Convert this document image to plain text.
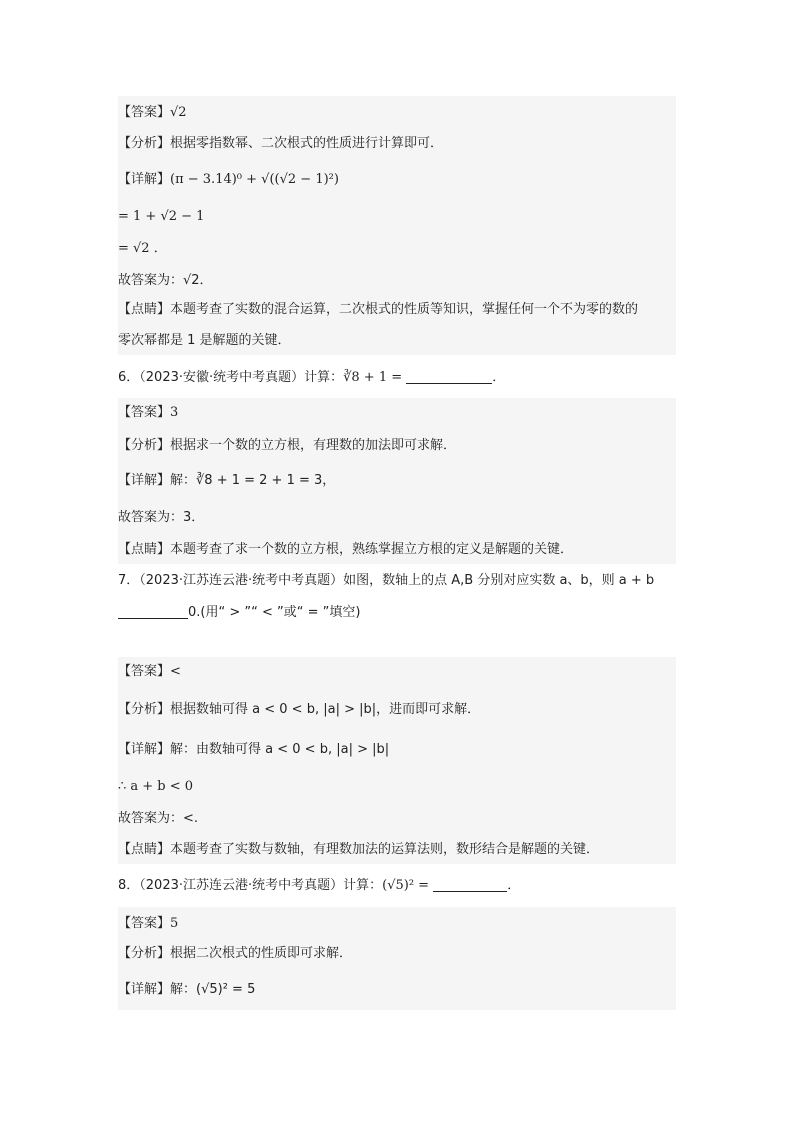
【答案】√2
【分析】根据零指数幂、二次根式的性质进行计算即可．
【详解】(π − 3.14)⁰ + √((√2 − 1)²)
= 1 + √2 − 1
= √2 ．
故答案为：√2．
【点睛】本题考查了实数的混合运算，二次根式的性质等知识，掌握任何一个不为零的数的
零次幂都是 1 是解题的关键．
6．（2023·安徽·统考中考真题）计算：∛8 + 1 =	．
【答案】3
【分析】根据求一个数的立方根，有理数的加法即可求解．
【详解】解：∛8 + 1 = 2 + 1 = 3，
故答案为：3．
【点睛】本题考查了求一个数的立方根，熟练掌握立方根的定义是解题的关键．
7．（2023·江苏连云港·统考中考真题）如图，数轴上的点 A,B 分别对应实数 a、b，则 a + b
0.(用“ > ”“ < ”或“ = ”填空)
【答案】<
【分析】根据数轴可得 a < 0 < b, |a| > |b|，进而即可求解．
【详解】解：由数轴可得 a < 0 < b, |a| > |b|
∴ a + b < 0
故答案为：<.
【点睛】本题考查了实数与数轴，有理数加法的运算法则，数形结合是解题的关键．
8．（2023·江苏连云港·统考中考真题）计算：(√5)² =	．
【答案】5
【分析】根据二次根式的性质即可求解．
【详解】解：(√5)² = 5
